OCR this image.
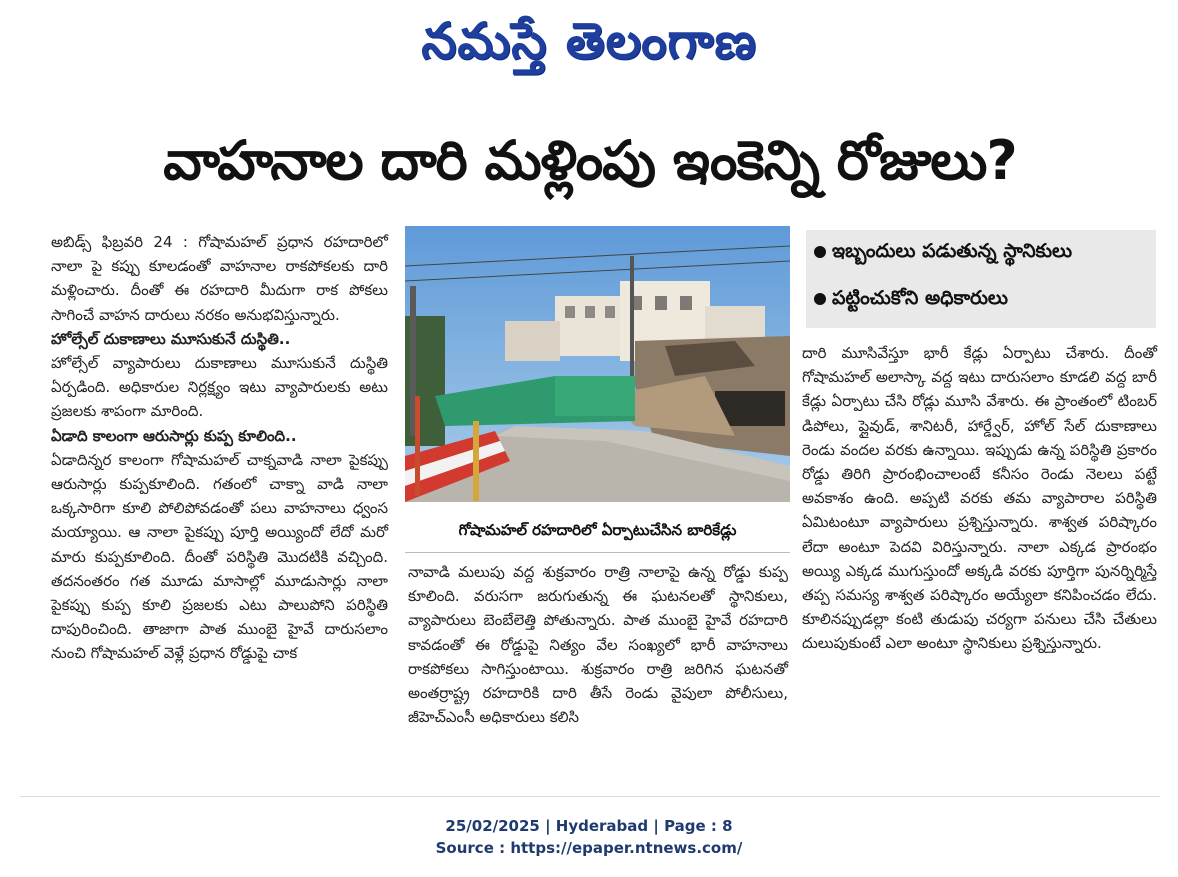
నమస్తే తెలంగాణ
వాహనాల దారి మళ్లింపు ఇంకెన్ని రోజులు?

అబిడ్స్ ఫిబ్రవరి 24 : గోషామహల్ ప్రధాన రహదారిలో నాలా పై కప్పు కూలడంతో వాహనాల రాకపోకలకు దారి మళ్లించారు. దీంతో ఈ రహదారి మీదుగా రాక పోకలు సాగించే వాహన దారులు నరకం అనుభవిస్తున్నారు.

హోల్సేల్ దుకాణాలు మూసుకునే దుస్థితి..

హోల్సేల్ వ్యాపారులు దుకాణాలు మూసుకునే దుస్థితి ఏర్పడింది. అధికారుల నిర్లక్ష్యం ఇటు వ్యాపారులకు అటు ప్రజలకు శాపంగా మారింది.

ఏడాది కాలంగా ఆరుసార్లు కుప్ప కూలింది..

ఏడాదిన్నర కాలంగా గోషామహల్ చాక్నవాడి నాలా పైకప్పు ఆరుసార్లు కుప్పకూలింది. గతంలో చాక్నా వాడి నాలా ఒక్కసారిగా కూలి పోలిపోవడంతో పలు వాహనాలు ధ్వంస మయ్యాయి. ఆ నాలా పైకప్పు పూర్తి అయ్యిందో లేదో మరో మారు కుప్పకూలింది. దీంతో పరిస్థితి మొదటికి వచ్చింది. తదనంతరం గత మూడు మాసాల్లో మూడుసార్లు నాలా పైకప్పు కుప్ప కూలి ప్రజలకు ఎటు పాలుపోని పరిస్థితి దాపురించింది. తాజాగా పాత ముంబై హైవే దారుసలాం నుంచి గోషామహల్ వెళ్లే ప్రధాన రోడ్డుపై చాక

గోషామహల్ రహదారిలో ఏర్పాటుచేసిన బారికేడ్లు
ఇబ్బందులు పడుతున్న స్థానికులు
పట్టించుకోని అధికారులు

నావాడి మలుపు వద్ద శుక్రవారం రాత్రి నాలాపై ఉన్న రోడ్డు కుప్ప కూలింది. వరుసగా జరుగుతున్న ఈ ఘటనలతో స్థానికులు, వ్యాపారులు బెంబేలెత్తి పోతున్నారు. పాత ముంబై హైవే రహదారి కావడంతో ఈ రోడ్డుపై నిత్యం వేల సంఖ్యలో భారీ వాహనాలు రాకపోకలు సాగిస్తుంటాయి. శుక్రవారం రాత్రి జరిగిన ఘటనతో అంతర్రాష్ట్ర రహదారికి దారి తీసే రెండు వైపులా పోలీసులు, జీహెచ్ఎంసీ అధికారులు కలిసి

దారి మూసివేస్తూ భారీ కేడ్లు ఏర్పాటు చేశారు. దీంతో గోషామహల్ అలాస్కా వద్ద ఇటు దారుసలాం కూడలి వద్ద బారీ కేడ్లు ఏర్పాటు చేసి రోడ్లు మూసి వేశారు. ఈ ప్రాంతంలో టింబర్ డిపోలు, ప్లైవుడ్, శానిటరీ, హార్డ్వేర్, హోల్ సేల్ దుకాణాలు రెండు వందల వరకు ఉన్నాయి. ఇప్పుడు ఉన్న పరిస్థితి ప్రకారం రోడ్డు తిరిగి ప్రారంభించాలంటే కనీసం రెండు నెలలు పట్టే అవకాశం ఉంది. అప్పటి వరకు తమ వ్యాపారాల పరిస్థితి ఏమిటంటూ వ్యాపారులు ప్రశ్నిస్తున్నారు. శాశ్వత పరిష్కారం లేదా అంటూ పెదవి విరిస్తున్నారు. నాలా ఎక్కడ ప్రారంభం అయ్యి ఎక్కడ ముగుస్తుందో అక్కడి వరకు పూర్తిగా పునర్నిర్మిస్తే తప్ప సమస్య శాశ్వత పరిష్కారం అయ్యేలా కనిపించడం లేదు. కూలినప్పుడల్లా కంటి తుడుపు చర్యగా పనులు చేసి చేతులు దులుపుకుంటే ఎలా అంటూ స్థానికులు ప్రశ్నిస్తున్నారు.

25/02/2025 | Hyderabad | Page : 8
Source : https://epaper.ntnews.com/
